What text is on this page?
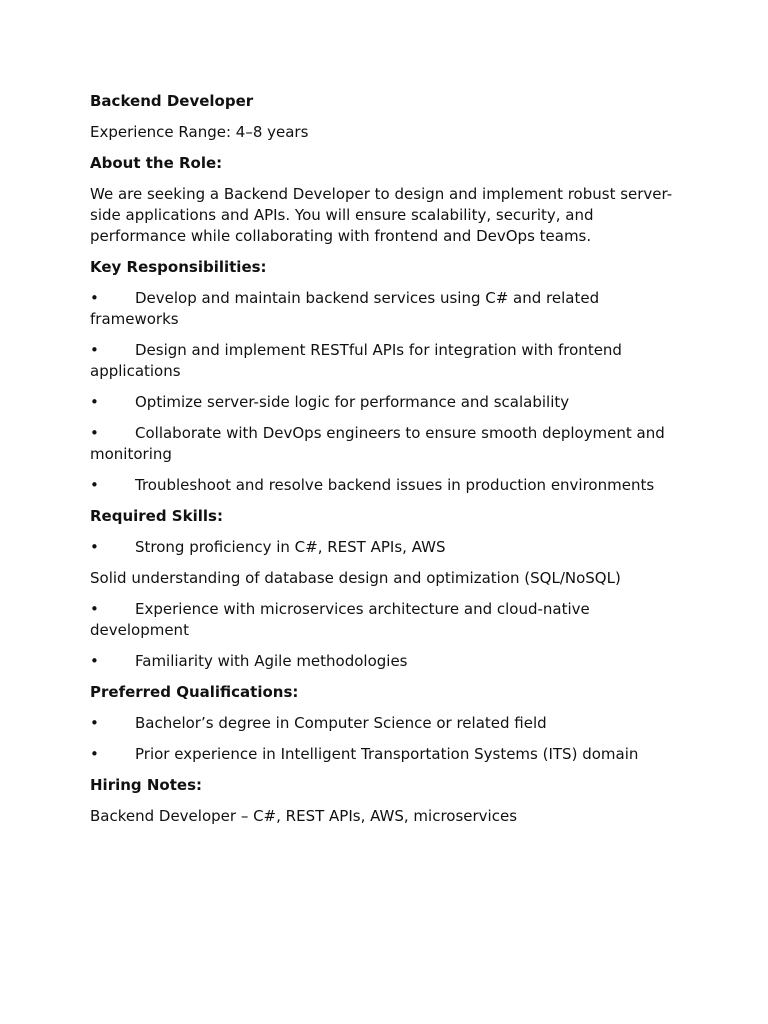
Backend Developer

Experience Range: 4–8 years

About the Role:

We are seeking a Backend Developer to design and implement robust server-side applications and APIs. You will ensure scalability, security, and performance while collaborating with frontend and DevOps teams.

Key Responsibilities:

• Develop and maintain backend services using C# and related frameworks

• Design and implement RESTful APIs for integration with frontend applications

• Optimize server-side logic for performance and scalability

• Collaborate with DevOps engineers to ensure smooth deployment and monitoring

• Troubleshoot and resolve backend issues in production environments

Required Skills:

• Strong proficiency in C#, REST APIs, AWS

Solid understanding of database design and optimization (SQL/NoSQL)

• Experience with microservices architecture and cloud-native development

• Familiarity with Agile methodologies

Preferred Qualifications:

• Bachelor’s degree in Computer Science or related field

• Prior experience in Intelligent Transportation Systems (ITS) domain

Hiring Notes:

Backend Developer – C#, REST APIs, AWS, microservices
